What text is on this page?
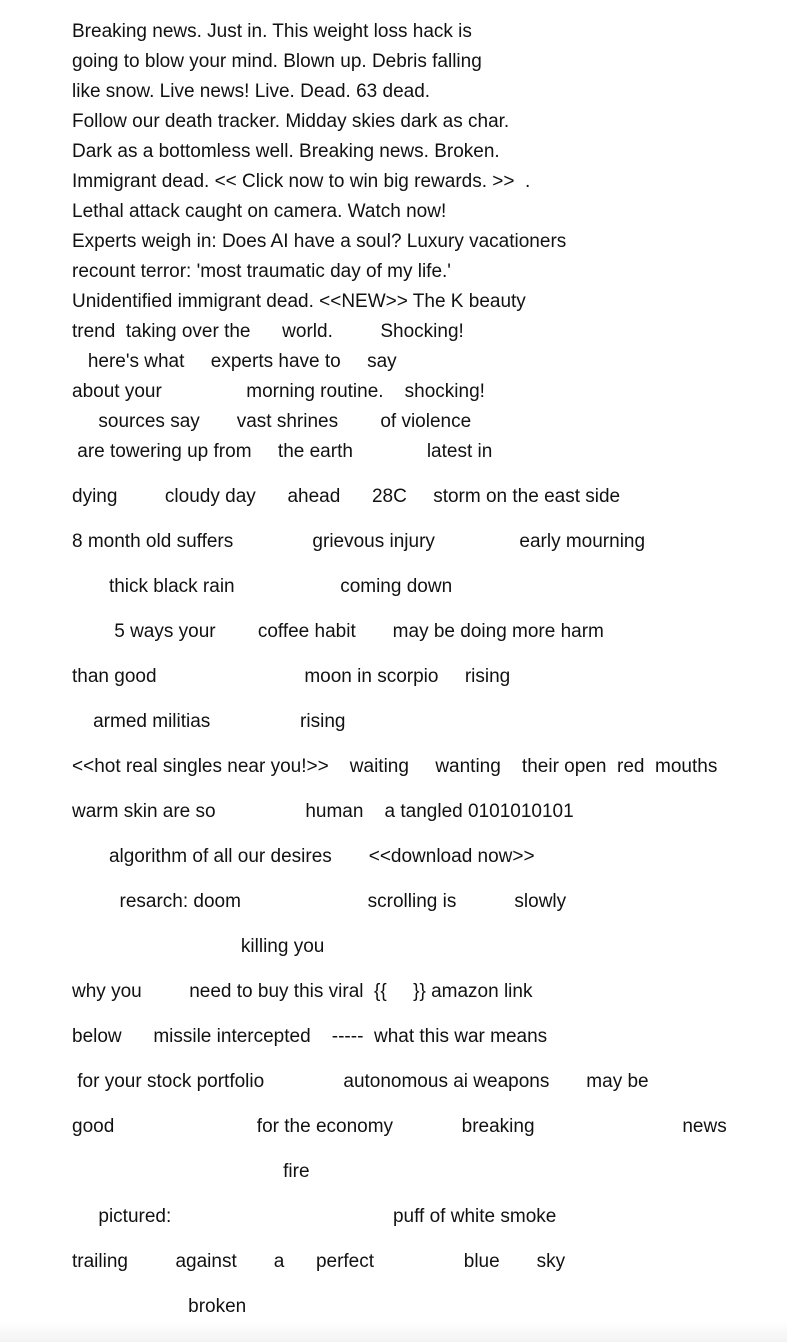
Breaking news. Just in. This weight loss hack is
going to blow your mind. Blown up. Debris falling
like snow. Live news! Live. Dead. 63 dead.
Follow our death tracker. Midday skies dark as char.
Dark as a bottomless well. Breaking news. Broken.
Immigrant dead. << Click now to win big rewards. >>  .
Lethal attack caught on camera. Watch now!
Experts weigh in: Does AI have a soul? Luxury vacationers
recount terror: 'most traumatic day of my life.'
Unidentified immigrant dead. <<NEW>> The K beauty
trend  taking over the      world.         Shocking!
here's what     experts have to     say
about your                morning routine.    shocking!
sources say       vast shrines        of violence
are towering up from     the earth              latest in
dying         cloudy day      ahead      28C     storm on the east side
8 month old suffers               grievous injury                early mourning
thick black rain                    coming down
5 ways your        coffee habit       may be doing more harm
than good                            moon in scorpio     rising
armed militias                 rising
<<hot real singles near you!>>    waiting     wanting    their open  red  mouths
warm skin are so                 human    a tangled 0101010101
algorithm of all our desires       <<download now>>
resarch: doom                        scrolling is           slowly
killing you
why you         need to buy this viral  {{     }} amazon link
below      missile intercepted    -----  what this war means
for your stock portfolio               autonomous ai weapons       may be
good                           for the economy             breaking                            news
fire
pictured:                                          puff of white smoke
trailing         against       a      perfect                 blue       sky
broken
